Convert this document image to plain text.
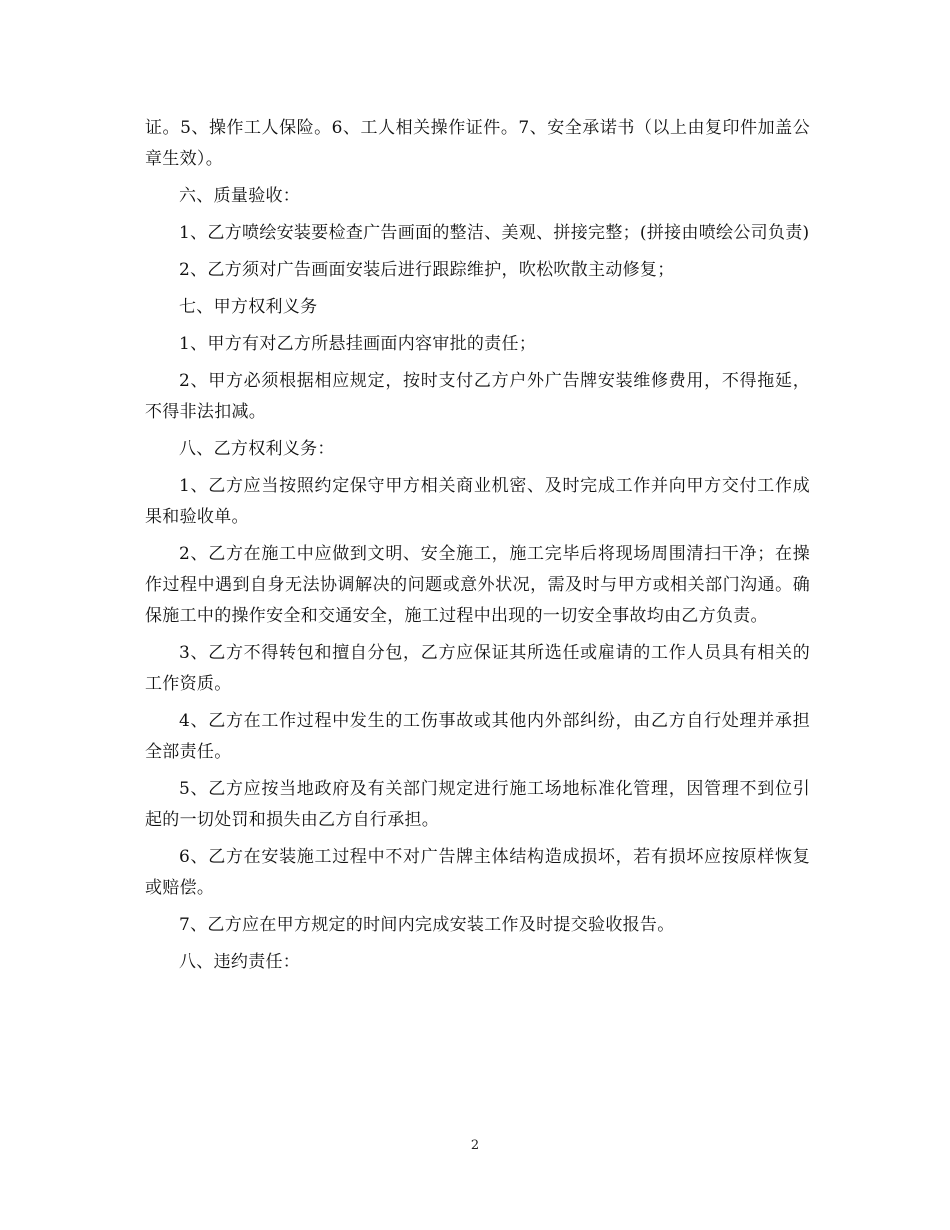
证。5、操作工人保险。6、工人相关操作证件。7、安全承诺书（以上由复印件加盖公章生效）。

六、质量验收：

1、乙方喷绘安装要检查广告画面的整洁、美观、拼接完整；(拼接由喷绘公司负责)

2、乙方须对广告画面安装后进行跟踪维护，吹松吹散主动修复；

七、甲方权利义务

1、甲方有对乙方所悬挂画面内容审批的责任；

2、甲方必须根据相应规定，按时支付乙方户外广告牌安装维修费用，不得拖延，不得非法扣减。

八、乙方权利义务：

1、乙方应当按照约定保守甲方相关商业机密、及时完成工作并向甲方交付工作成果和验收单。

2、乙方在施工中应做到文明、安全施工，施工完毕后将现场周围清扫干净；在操作过程中遇到自身无法协调解决的问题或意外状况，需及时与甲方或相关部门沟通。确保施工中的操作安全和交通安全，施工过程中出现的一切安全事故均由乙方负责。

3、乙方不得转包和擅自分包，乙方应保证其所选任或雇请的工作人员具有相关的工作资质。

4、乙方在工作过程中发生的工伤事故或其他内外部纠纷，由乙方自行处理并承担全部责任。

5、乙方应按当地政府及有关部门规定进行施工场地标准化管理，因管理不到位引起的一切处罚和损失由乙方自行承担。

6、乙方在安装施工过程中不对广告牌主体结构造成损坏，若有损坏应按原样恢复或赔偿。

7、乙方应在甲方规定的时间内完成安装工作及时提交验收报告。

八、违约责任：

2
